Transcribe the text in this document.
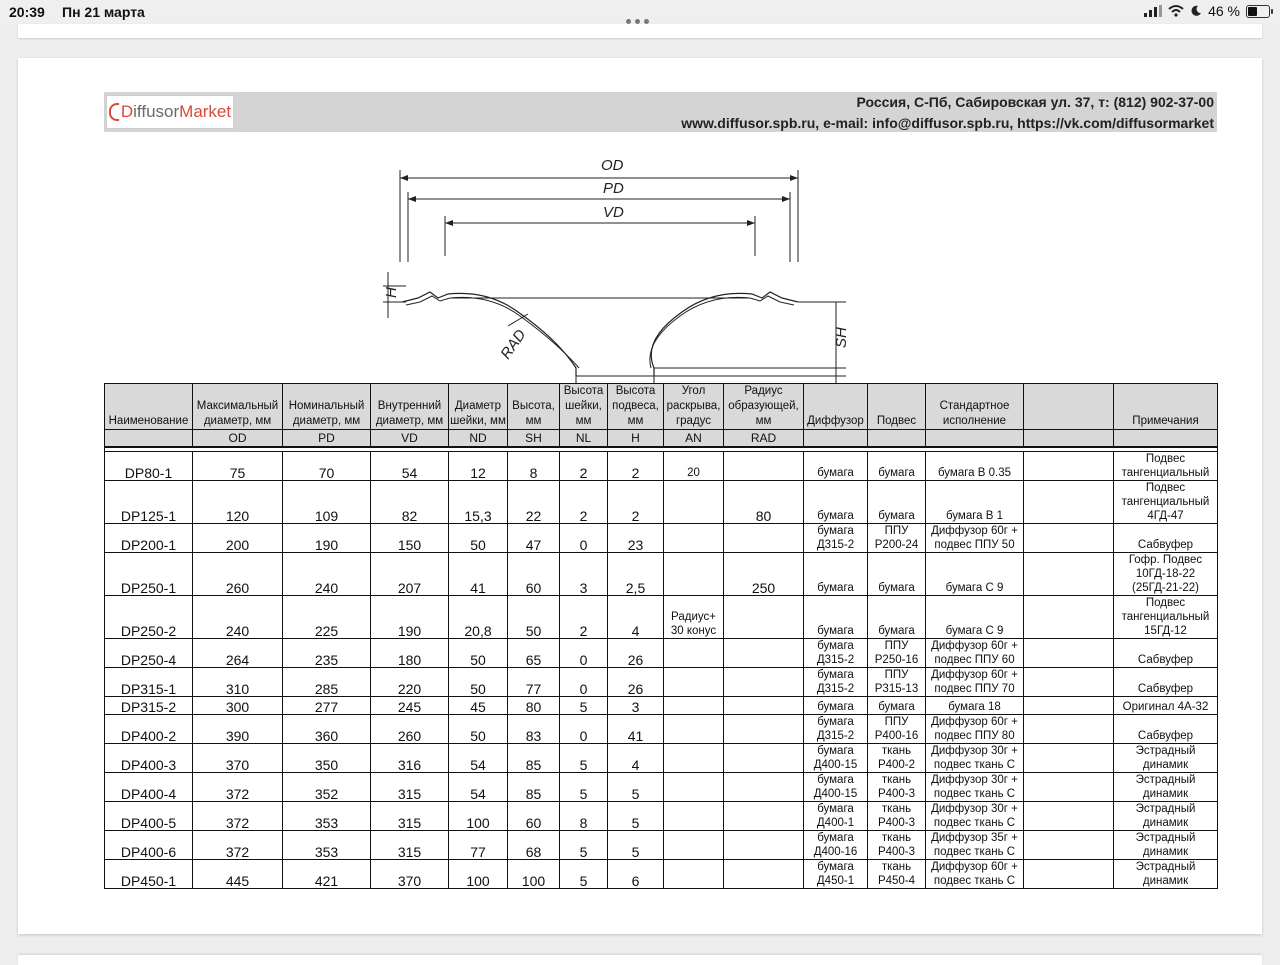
20:39 Пн 21 марта	46 %
D iffusor Market	Россия, С-Пб, Сабировская ул. 37, т: (812) 902-37-00
www.diffusor.spb.ru, e-mail: info@diffusor.spb.ru, https://vk.com/diffusormarket
OD
PD
VD
H
RAD	SH
Наименование	Максимальный диаметр, мм	Номинальный диаметр, мм	Внутренний диаметр, мм	Диаметр шейки, мм	Высота, мм	Высота шейки, мм	Высота подвеса, мм	Угол раскрыва, градус	Радиус образующей, мм	Диффузор	Подвес	Стандартное исполнение		Примечания
	OD	PD	VD	ND	SH	NL	H	AN	RAD					

DP80-1	75	70	54	12	8	2	2	20		бумага	бумага	бумага В 0.35		Подвес тангенциальный
DP125-1	120	109	82	15,3	22	2	2		80	бумага	бумага	бумага В 1		Подвес тангенциальный 4ГД-47
DP200-1	200	190	150	50	47	0	23			бумага Д315-2	ППУ Р200-24	Диффузор 60г + подвес ППУ 50		Сабвуфер
DP250-1	260	240	207	41	60	3	2,5		250	бумага	бумага	бумага С 9		Гофр. Подвес 10ГД-18-22 (25ГД-21-22)
DP250-2	240	225	190	20,8	50	2	4	Радиус+ 30 конус		бумага	бумага	бумага С 9		Подвес тангенциальный 15ГД-12
DP250-4	264	235	180	50	65	0	26			бумага Д315-2	ППУ Р250-16	Диффузор 60г + подвес ППУ 60		Сабвуфер
DP315-1	310	285	220	50	77	0	26			бумага Д315-2	ППУ Р315-13	Диффузор 60г + подвес ППУ 70		Сабвуфер
DP315-2	300	277	245	45	80	5	3			бумага	бумага	бумага 18		Оригинал 4А-32
DP400-2	390	360	260	50	83	0	41			бумага Д315-2	ППУ Р400-16	Диффузор 60г + подвес ППУ 80		Сабвуфер
DP400-3	370	350	316	54	85	5	4			бумага Д400-15	ткань Р400-2	Диффузор 30г + подвес ткань С		Эстрадный динамик
DP400-4	372	352	315	54	85	5	5			бумага Д400-15	ткань Р400-3	Диффузор 30г + подвес ткань С		Эстрадный динамик
DP400-5	372	353	315	100	60	8	5			бумага Д400-1	ткань Р400-3	Диффузор 30г + подвес ткань С		Эстрадный динамик
DP400-6	372	353	315	77	68	5	5			бумага Д400-16	ткань Р400-3	Диффузор 35г + подвес ткань С		Эстрадный динамик
DP450-1	445	421	370	100	100	5	6			бумага Д450-1	ткань Р450-4	Диффузор 60г + подвес ткань С		Эстрадный динамик
